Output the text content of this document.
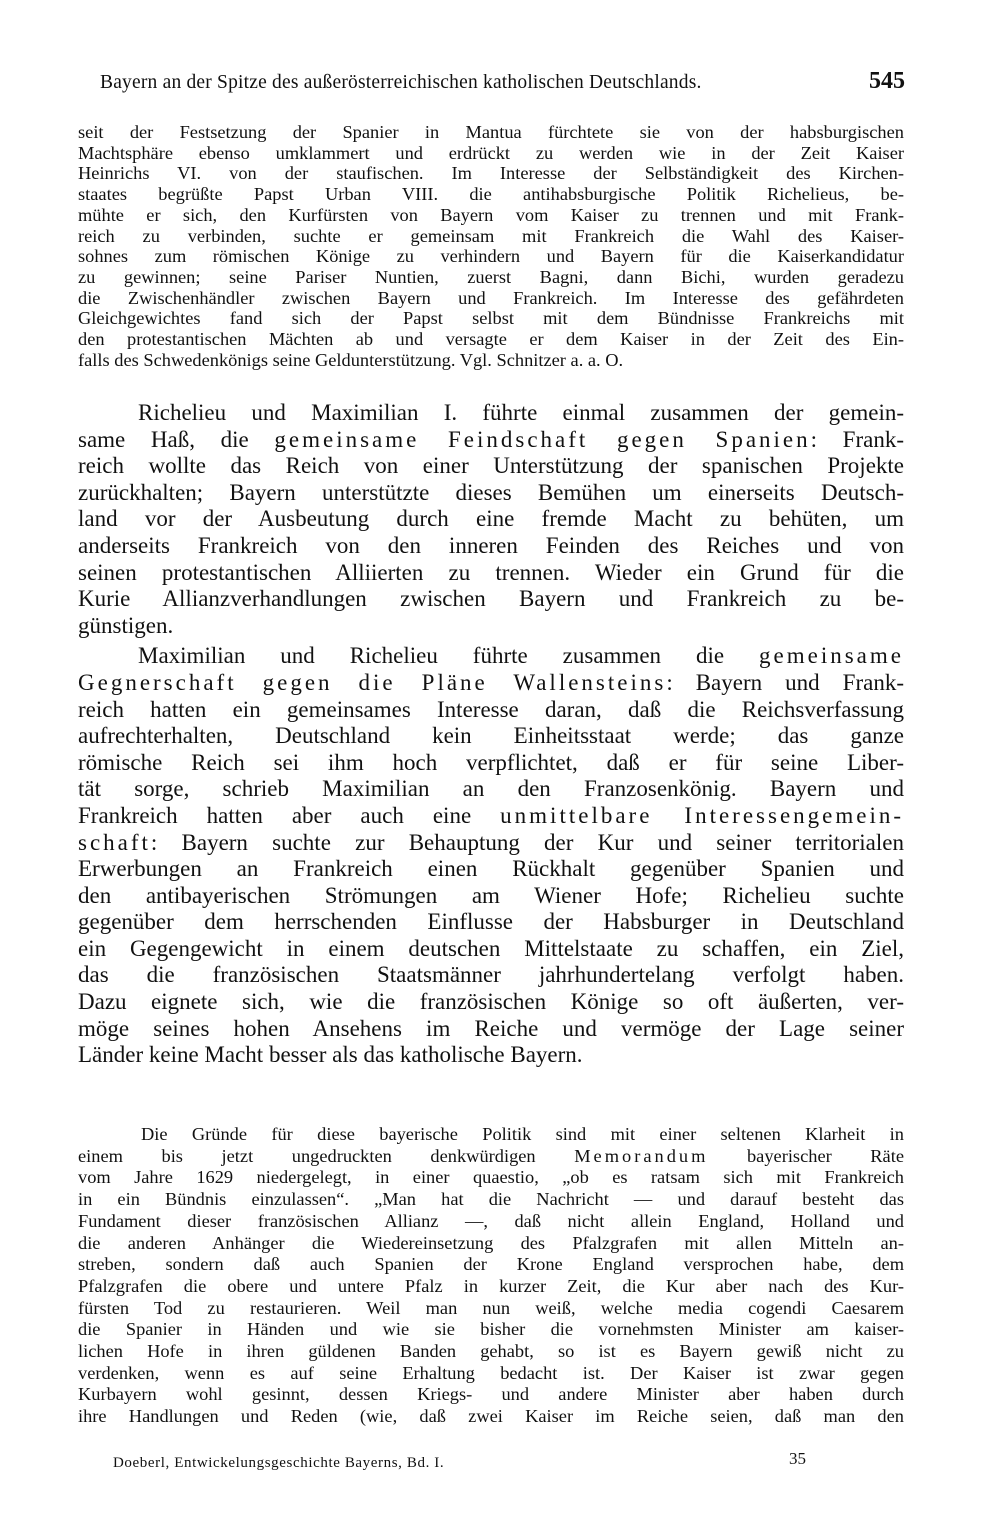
Bayern an der Spitze des außerösterreichischen katholischen Deutschlands.	545
seit der Festsetzung der Spanier in Mantua fürchtete sie von der habsburgischen
Machtsphäre ebenso umklammert und erdrückt zu werden wie in der Zeit Kaiser
Heinrichs VI. von der staufischen. Im Interesse der Selbständigkeit des Kirchen-
staates begrüßte Papst Urban VIII. die antihabsburgische Politik Richelieus, be-
mühte er sich, den Kurfürsten von Bayern vom Kaiser zu trennen und mit Frank-
reich zu verbinden, suchte er gemeinsam mit Frankreich die Wahl des Kaiser-
sohnes zum römischen Könige zu verhindern und Bayern für die Kaiserkandidatur
zu gewinnen; seine Pariser Nuntien, zuerst Bagni, dann Bichi, wurden geradezu
die Zwischenhändler zwischen Bayern und Frankreich. Im Interesse des gefährdeten
Gleichgewichtes fand sich der Papst selbst mit dem Bündnisse Frankreichs mit
den protestantischen Mächten ab und versagte er dem Kaiser in der Zeit des Ein-
falls des Schwedenkönigs seine Geldunterstützung. Vgl. Schnitzer a. a. O.
Richelieu und Maximilian I. führte einmal zusammen der gemein-
same Haß, die gemeinsame Feindschaft gegen Spanien: Frank-
reich wollte das Reich von einer Unterstützung der spanischen Projekte
zurückhalten; Bayern unterstützte dieses Bemühen um einerseits Deutsch-
land vor der Ausbeutung durch eine fremde Macht zu behüten, um
anderseits Frankreich von den inneren Feinden des Reiches und von
seinen protestantischen Alliierten zu trennen. Wieder ein Grund für die
Kurie Allianzverhandlungen zwischen Bayern und Frankreich zu be-
günstigen.
Maximilian und Richelieu führte zusammen die gemeinsame
Gegnerschaft gegen die Pläne Wallensteins: Bayern und Frank-
reich hatten ein gemeinsames Interesse daran, daß die Reichsverfassung
aufrechterhalten, Deutschland kein Einheitsstaat werde; das ganze
römische Reich sei ihm hoch verpflichtet, daß er für seine Liber-
tät sorge, schrieb Maximilian an den Franzosenkönig. Bayern und
Frankreich hatten aber auch eine unmittelbare Interessengemein-
schaft: Bayern suchte zur Behauptung der Kur und seiner territorialen
Erwerbungen an Frankreich einen Rückhalt gegenüber Spanien und
den antibayerischen Strömungen am Wiener Hofe; Richelieu suchte
gegenüber dem herrschenden Einflusse der Habsburger in Deutschland
ein Gegengewicht in einem deutschen Mittelstaate zu schaffen, ein Ziel,
das die französischen Staatsmänner jahrhundertelang verfolgt haben.
Dazu eignete sich, wie die französischen Könige so oft äußerten, ver-
möge seines hohen Ansehens im Reiche und vermöge der Lage seiner
Länder keine Macht besser als das katholische Bayern.
Die Gründe für diese bayerische Politik sind mit einer seltenen Klarheit in
einem bis jetzt ungedruckten denkwürdigen Memorandum bayerischer Räte
vom Jahre 1629 niedergelegt, in einer quaestio, „ob es ratsam sich mit Frankreich
in ein Bündnis einzulassen“. „Man hat die Nachricht — und darauf besteht das
Fundament dieser französischen Allianz —, daß nicht allein England, Holland und
die anderen Anhänger die Wiedereinsetzung des Pfalzgrafen mit allen Mitteln an-
streben, sondern daß auch Spanien der Krone England versprochen habe, dem
Pfalzgrafen die obere und untere Pfalz in kurzer Zeit, die Kur aber nach des Kur-
fürsten Tod zu restaurieren. Weil man nun weiß, welche media cogendi Caesarem
die Spanier in Händen und wie sie bisher die vornehmsten Minister am kaiser-
lichen Hofe in ihren güldenen Banden gehabt, so ist es Bayern gewiß nicht zu
verdenken, wenn es auf seine Erhaltung bedacht ist. Der Kaiser ist zwar gegen
Kurbayern wohl gesinnt, dessen Kriegs- und andere Minister aber haben durch
ihre Handlungen und Reden (wie, daß zwei Kaiser im Reiche seien, daß man den
Doeberl, Entwickelungsgeschichte Bayerns, Bd. I.	35
